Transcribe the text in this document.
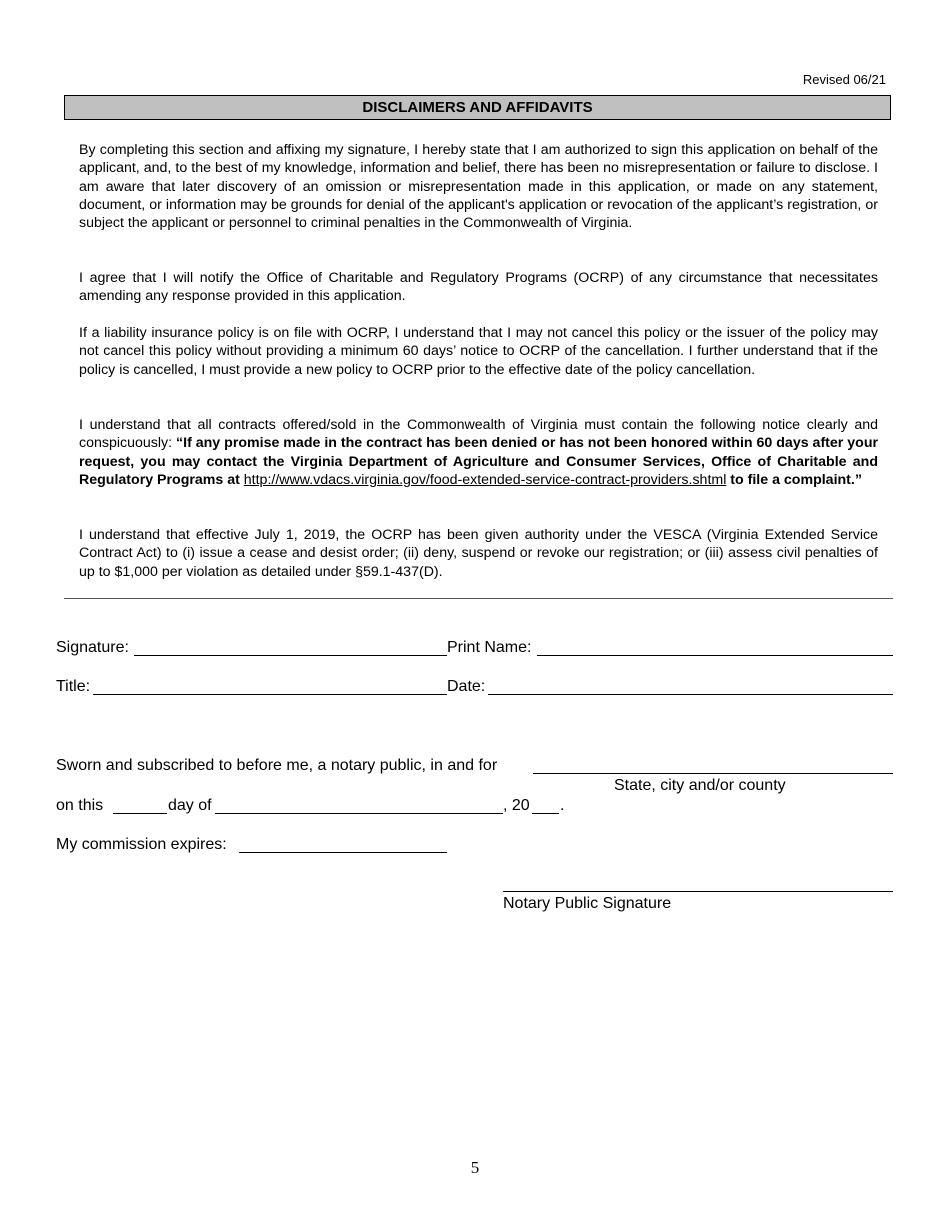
Revised 06/21
DISCLAIMERS AND AFFIDAVITS

By completing this section and affixing my signature, I hereby state that I am authorized to sign this application on behalf of the applicant, and, to the best of my knowledge, information and belief, there has been no misrepresentation or failure to disclose. I am aware that later discovery of an omission or misrepresentation made in this application, or made on any statement, document, or information may be grounds for denial of the applicant's application or revocation of the applicant’s registration, or subject the applicant or personnel to criminal penalties in the Commonwealth of Virginia.

I agree that I will notify the Office of Charitable and Regulatory Programs (OCRP) of any circumstance that necessitates amending any response provided in this application.

If a liability insurance policy is on file with OCRP, I understand that I may not cancel this policy or the issuer of the policy may not cancel this policy without providing a minimum 60 days’ notice to OCRP of the cancellation. I further understand that if the policy is cancelled, I must provide a new policy to OCRP prior to the effective date of the policy cancellation.

I understand that all contracts offered/sold in the Commonwealth of Virginia must contain the following notice clearly and conspicuously: “If any promise made in the contract has been denied or has not been honored within 60 days after your request, you may contact the Virginia Department of Agriculture and Consumer Services, Office of Charitable and Regulatory Programs at http://www.vdacs.virginia.gov/food-extended-service-contract-providers.shtml to file a complaint.”

I understand that effective July 1, 2019, the OCRP has been given authority under the VESCA (Virginia Extended Service Contract Act) to (i) issue a cease and desist order; (ii) deny, suspend or revoke our registration; or (iii) assess civil penalties of up to $1,000 per violation as detailed under §59.1-437(D).

Signature:	Print Name:
Title:	Date:
Sworn and subscribed to before me, a notary public, in and for
State, city and/or county
on this	day of	, 20 .
My commission expires:
Notary Public Signature
5
